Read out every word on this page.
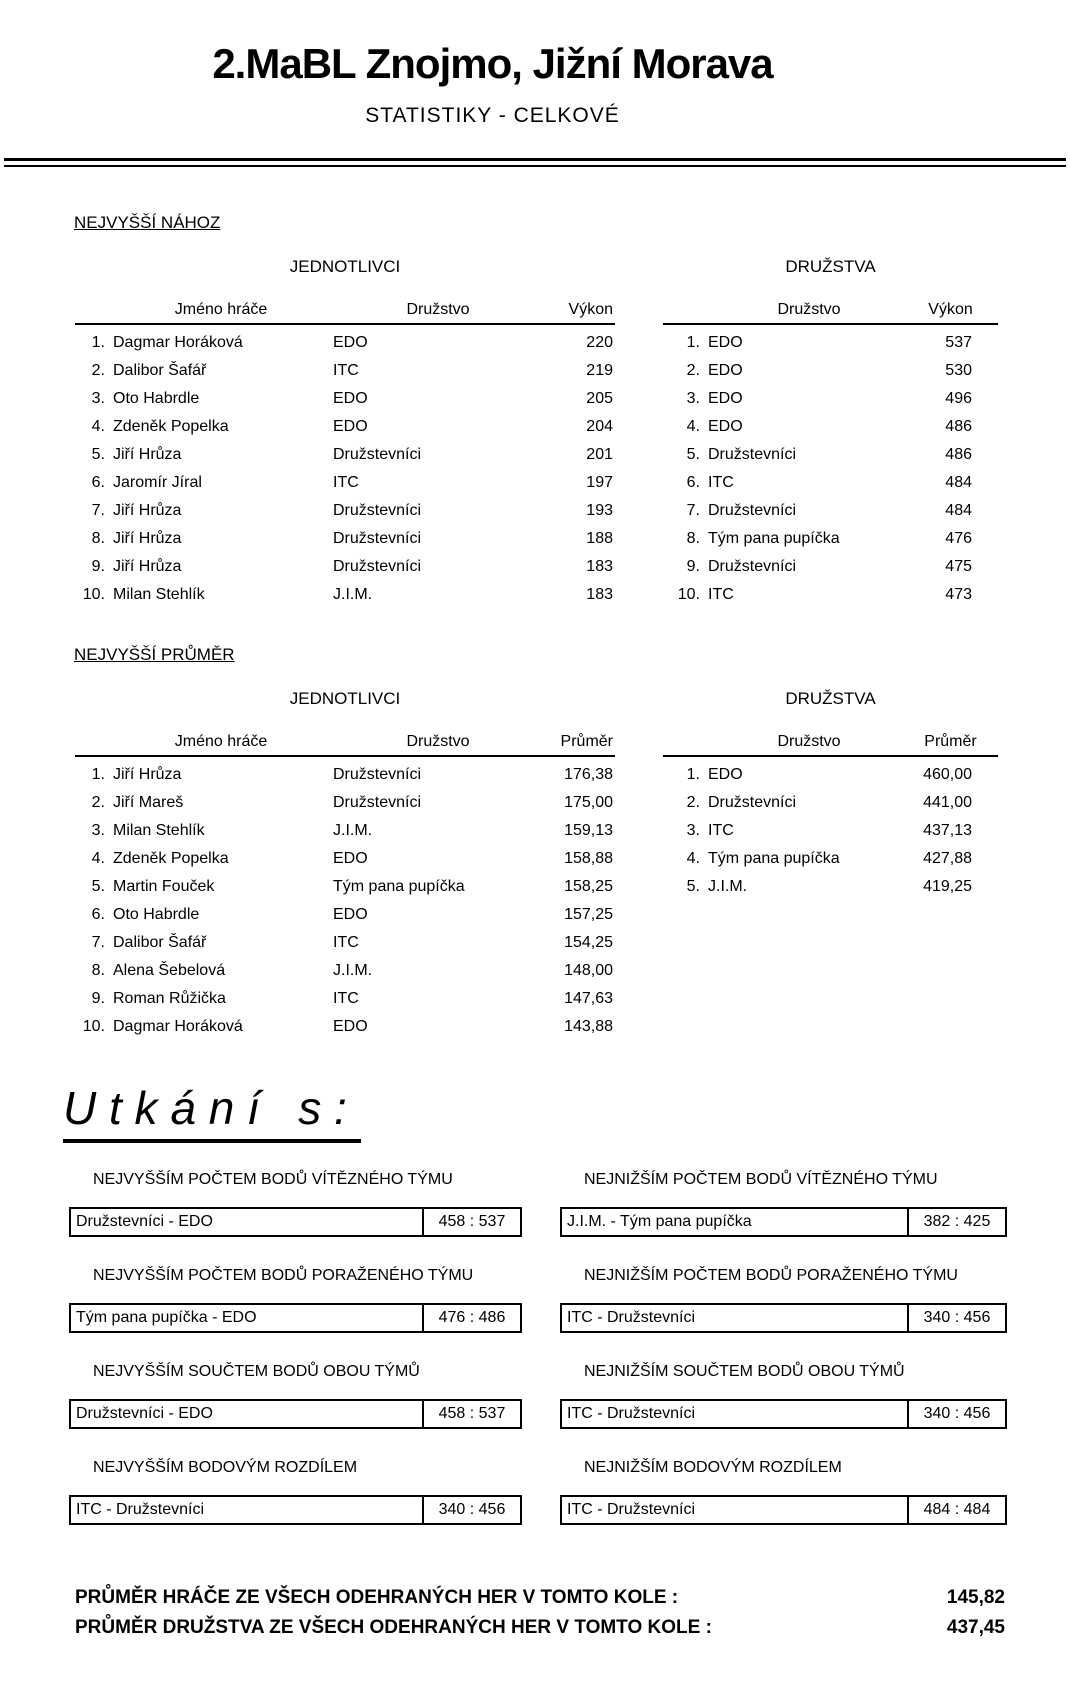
2.MaBL Znojmo, Jižní Morava
STATISTIKY - CELKOVÉ
NEJVYŠŠÍ NÁHOZ
JEDNOTLIVCI
Jméno hráče	Družstvo	Výkon
1. Dagmar Horáková	EDO	220
2. Dalibor Šafář	ITC	219
3. Oto Habrdle	EDO	205
4. Zdeněk Popelka	EDO	204
5. Jiří Hrůza	Družstevníci	201
6. Jaromír Jíral	ITC	197
7. Jiří Hrůza	Družstevníci	193
8. Jiří Hrůza	Družstevníci	188
9. Jiří Hrůza	Družstevníci	183
10. Milan Stehlík	J.I.M.	183
DRUŽSTVA
Družstvo	Výkon
1. EDO	537
2. EDO	530
3. EDO	496
4. EDO	486
5. Družstevníci	486
6. ITC	484
7. Družstevníci	484
8. Tým pana pupíčka	476
9. Družstevníci	475
10. ITC	473
NEJVYŠŠÍ PRŮMĚR
JEDNOTLIVCI
Jméno hráče	Družstvo	Průměr
1. Jiří Hrůza	Družstevníci	176,38
2. Jiří Mareš	Družstevníci	175,00
3. Milan Stehlík	J.I.M.	159,13
4. Zdeněk Popelka	EDO	158,88
5. Martin Fouček	Tým pana pupíčka	158,25
6. Oto Habrdle	EDO	157,25
7. Dalibor Šafář	ITC	154,25
8. Alena Šebelová	J.I.M.	148,00
9. Roman Růžička	ITC	147,63
10. Dagmar Horáková	EDO	143,88
DRUŽSTVA
Družstvo	Průměr
1. EDO	460,00
2. Družstevníci	441,00
3. ITC	437,13
4. Tým pana pupíčka	427,88
5. J.I.M.	419,25
U t k á n í   s :
NEJVYŠŠÍM POČTEM BODŮ VÍTĚZNÉHO TÝMU
Družstevníci - EDO	458 : 537
NEJNIŽŠÍM POČTEM BODŮ VÍTĚZNÉHO TÝMU
J.I.M. - Tým pana pupíčka	382 : 425
NEJVYŠŠÍM POČTEM BODŮ PORAŽENÉHO TÝMU
Tým pana pupíčka - EDO	476 : 486
NEJNIŽŠÍM POČTEM BODŮ PORAŽENÉHO TÝMU
ITC - Družstevníci	340 : 456
NEJVYŠŠÍM SOUČTEM BODŮ OBOU TÝMŮ
Družstevníci - EDO	458 : 537
NEJNIŽŠÍM SOUČTEM BODŮ OBOU TÝMŮ
ITC - Družstevníci	340 : 456
NEJVYŠŠÍM BODOVÝM ROZDÍLEM
ITC - Družstevníci	340 : 456
NEJNIŽŠÍM BODOVÝM ROZDÍLEM
ITC - Družstevníci	484 : 484
PRŮMĚR HRÁČE ZE VŠECH ODEHRANÝCH HER V TOMTO KOLE :	145,82
PRŮMĚR DRUŽSTVA ZE VŠECH ODEHRANÝCH HER V TOMTO KOLE :	437,45
